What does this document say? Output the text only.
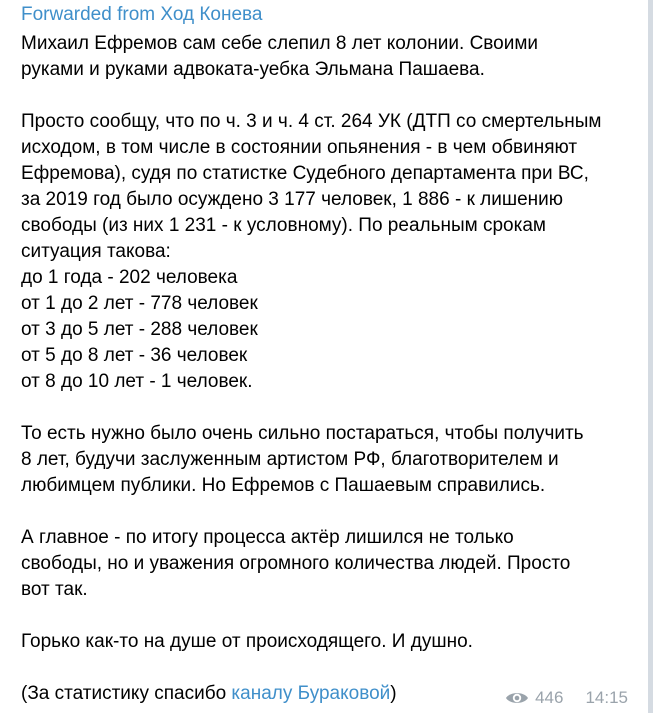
Forwarded from Ход Конева
Михаил Ефремов сам себе слепил 8 лет колонии. Своими
руками и руками адвоката-уебка Эльмана Пашаева.
Просто сообщу, что по ч. 3 и ч. 4 ст. 264 УК (ДТП со смертельным
исходом, в том числе в состоянии опьянения - в чем обвиняют
Ефремова), судя по статистке Судебного департамента при ВС,
за 2019 год было осуждено 3 177 человек, 1 886 - к лишению
свободы (из них 1 231 - к условному). По реальным срокам
ситуация такова:
до 1 года - 202 человека
от 1 до 2 лет - 778 человек
от 3 до 5 лет - 288 человек
от 5 до 8 лет - 36 человек
от 8 до 10 лет - 1 человек.
То есть нужно было очень сильно постараться, чтобы получить
8 лет, будучи заслуженным артистом РФ, благотворителем и
любимцем публики. Но Ефремов с Пашаевым справились.
А главное - по итогу процесса актёр лишился не только
свободы, но и уважения огромного количества людей. Просто
вот так.
Горько как-то на душе от происходящего. И душно.
(За статистику спасибо каналу Бураковой)	446 14:15
